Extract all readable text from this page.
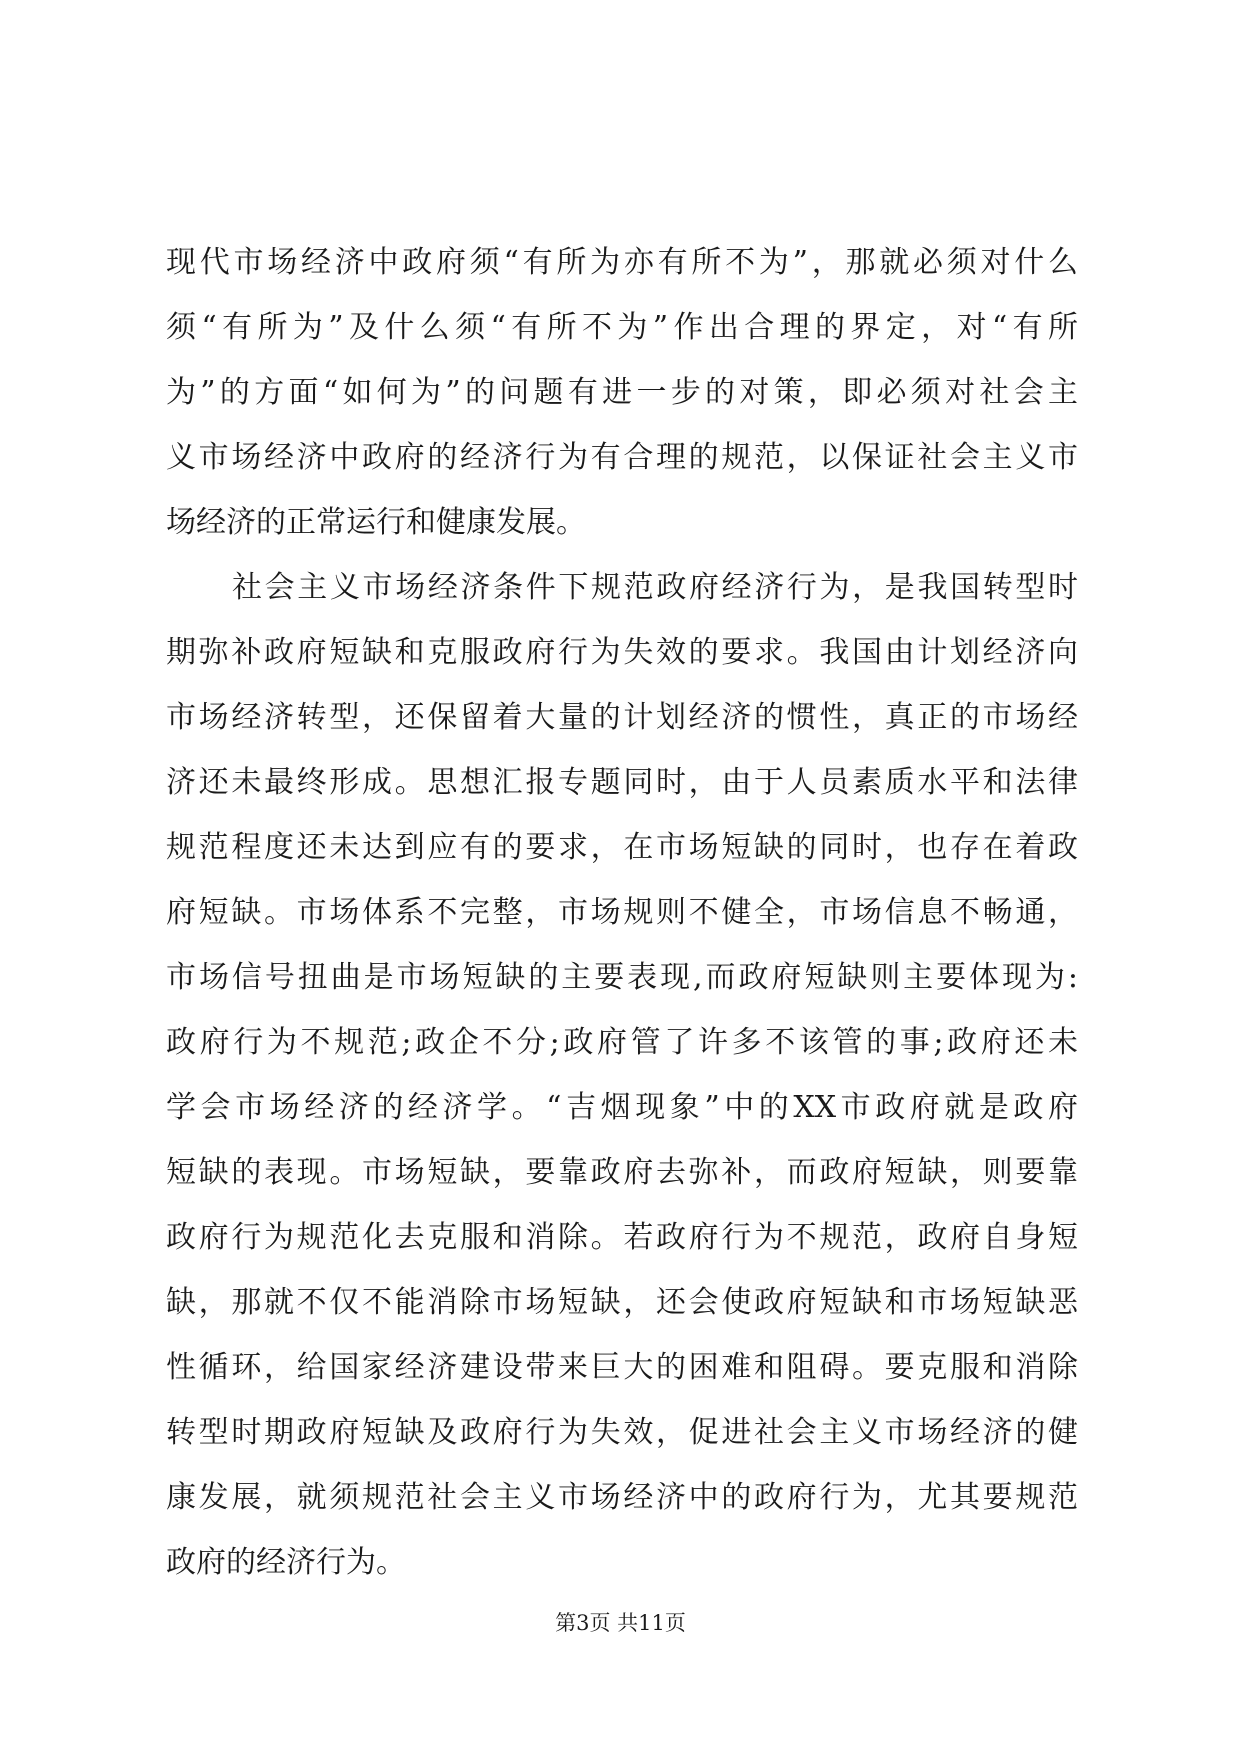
现代市场经济中政府须“有所为亦有所不为”，那就必须对什么
须“有所为”及什么须“有所不为”作出合理的界定，对“有所
为”的方面“如何为”的问题有进一步的对策，即必须对社会主
义市场经济中政府的经济行为有合理的规范，以保证社会主义市
场经济的正常运行和健康发展。
社会主义市场经济条件下规范政府经济行为，是我国转型时
期弥补政府短缺和克服政府行为失效的要求。我国由计划经济向
市场经济转型，还保留着大量的计划经济的惯性，真正的市场经
济还未最终形成。思想汇报专题同时，由于人员素质水平和法律
规范程度还未达到应有的要求，在市场短缺的同时，也存在着政
府短缺。市场体系不完整，市场规则不健全，市场信息不畅通，
市场信号扭曲是市场短缺的主要表现,而政府短缺则主要体现为:
政府行为不规范;政企不分;政府管了许多不该管的事;政府还未
学会市场经济的经济学。“吉烟现象”中的XX市政府就是政府
短缺的表现。市场短缺，要靠政府去弥补，而政府短缺，则要靠
政府行为规范化去克服和消除。若政府行为不规范，政府自身短
缺，那就不仅不能消除市场短缺，还会使政府短缺和市场短缺恶
性循环，给国家经济建设带来巨大的困难和阻碍。要克服和消除
转型时期政府短缺及政府行为失效，促进社会主义市场经济的健
康发展，就须规范社会主义市场经济中的政府行为，尤其要规范
政府的经济行为。
第3页 共11页
